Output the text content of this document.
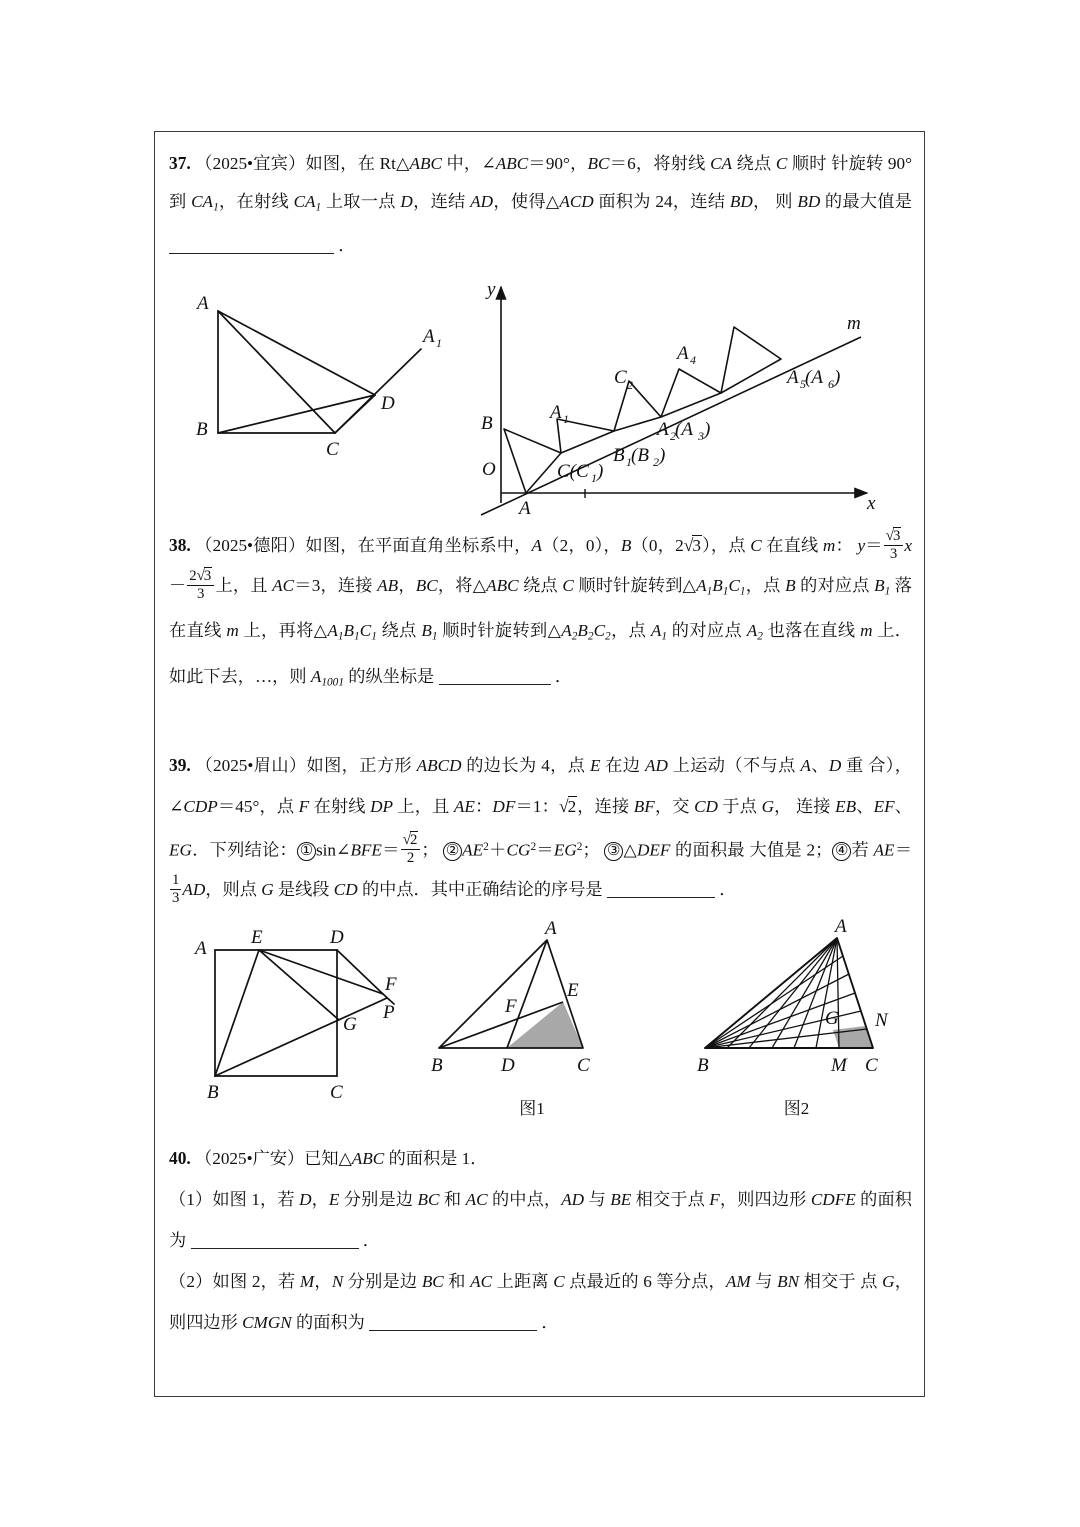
37. （2025•宜宾）如图，在 Rt△ABC 中，∠ABC＝90°，BC＝6，将射线 CA 绕点 C 顺时 针旋转 90° 到 $CA_1$，在射线 $CA_1$ 上取一点 D，连结 AD，使得△ACD 面积为 24，连结 BD， 则 BD 的最大值是 ．
A
B
C
D
A 1
B
O
A
y
x
m
A 1
C(C 1 )
B 1 (B 2 )
C 2
A 2 (A 3 )
A 4
A 5 (A 6 )
38. （2025•德阳）如图，在平面直角坐标系中，A（2，0），B（0，2√3），点 C 在直线 m： $y= \frac{√3}{3} x- \frac{2√3}{3}$ 上，且 AC＝3，连接 AB，BC，将△ABC 绕点 C 顺时针旋转到$\triangle A_1B_1C_1$，点 B 的对应点 $B_1$ 落在直线 m 上，再将$\triangle A_1B_1C_1$ 绕点 $B_1$ 顺时针旋转到$\triangle A_2B_2C_2$，点 $A_1$ 的对应点 $A_2$ 也落在直线 m 上．如此下去，…，则 $A_{1001}$ 的纵坐标是	．
39. （2025•眉山）如图，正方形 ABCD 的边长为 4，点 E 在边 AD 上运动（不与点 A、D 重 合），∠CDP＝45°，点 F 在射线 DP 上，且 AE：DF＝1：√2，连接 BF，交 CD 于点 G， 连接 EB、EF、EG．下列结论： ① sin∠BFE＝ $\frac{√2}{2}$ ； ② $AE^2+CG^2=EG^2$； ③ △DEF 的面积最 大值是 2； ④ 若 AE＝
$\frac{1}{3}$ AD，则点 G 是线段 CD 的中点．其中正确结论的序号是	．
A
E	D
F
P
G
B	C
A
E
F
B	D	C
图1
A
G N
B	M C
图2
40. （2025•广安）已知△ABC 的面积是 1．
（1）如图 1，若 D，E 分别是边 BC 和 AC 的中点，AD 与 BE 相交于点 F，则四边形 CDFE 的面积为	．
（2）如图 2，若 M，N 分别是边 BC 和 AC 上距离 C 点最近的 6 等分点，AM 与 BN 相交于 点 G，则四边形 CMGN 的面积为	．
